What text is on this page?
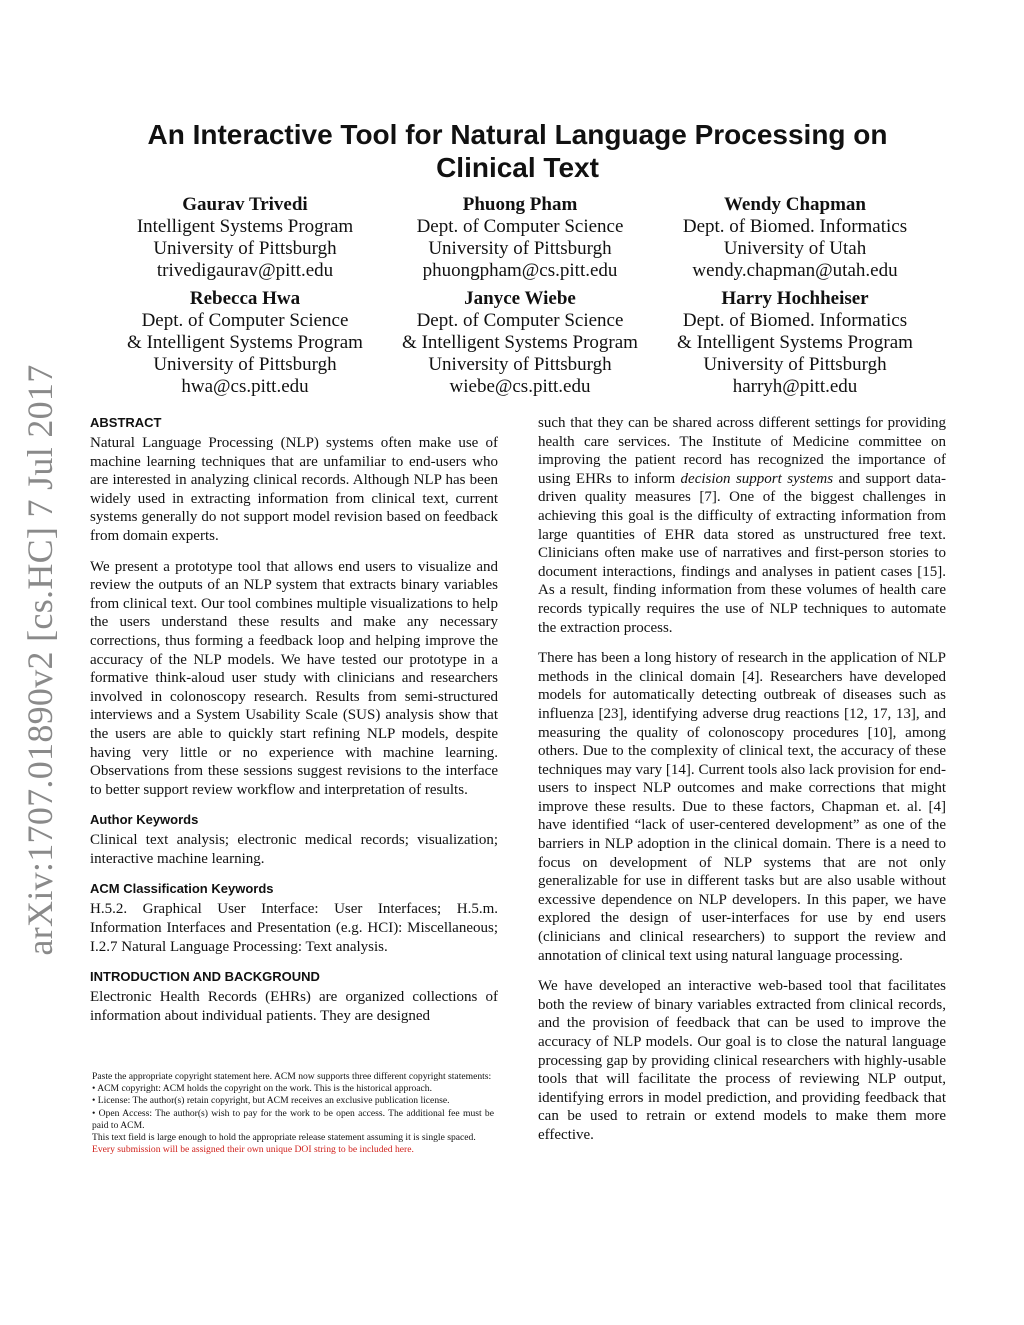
arXiv:1707.01890v2 [cs.HC] 7 Jul 2017
An Interactive Tool for Natural Language Processing on
Clinical Text
Gaurav Trivedi
Intelligent Systems Program
University of Pittsburgh
trivedigaurav@pitt.edu
Phuong Pham
Dept. of Computer Science
University of Pittsburgh
phuongpham@cs.pitt.edu
Wendy Chapman
Dept. of Biomed. Informatics
University of Utah
wendy.chapman@utah.edu
Rebecca Hwa
Dept. of Computer Science
& Intelligent Systems Program
University of Pittsburgh
hwa@cs.pitt.edu
Janyce Wiebe
Dept. of Computer Science
& Intelligent Systems Program
University of Pittsburgh
wiebe@cs.pitt.edu
Harry Hochheiser
Dept. of Biomed. Informatics
& Intelligent Systems Program
University of Pittsburgh
harryh@pitt.edu
ABSTRACT

Natural Language Processing (NLP) systems often make use of machine learning techniques that are unfamiliar to end-users who are interested in analyzing clinical records. Although NLP has been widely used in extracting information from clinical text, current systems generally do not support model revision based on feedback from domain experts.

We present a prototype tool that allows end users to visualize and review the outputs of an NLP system that extracts binary variables from clinical text. Our tool combines multiple visualizations to help the users understand these results and make any necessary corrections, thus forming a feedback loop and helping improve the accuracy of the NLP models. We have tested our prototype in a formative think-aloud user study with clinicians and researchers involved in colonoscopy research. Results from semi-structured interviews and a System Usability Scale (SUS) analysis show that the users are able to quickly start refining NLP models, despite having very little or no experience with machine learning. Observations from these sessions suggest revisions to the interface to better support review workflow and interpretation of results.

Author Keywords

Clinical text analysis; electronic medical records; visualization; interactive machine learning.

ACM Classification Keywords

H.5.2. Graphical User Interface: User Interfaces; H.5.m. Information Interfaces and Presentation (e.g. HCI): Miscellaneous; I.2.7 Natural Language Processing: Text analysis.

INTRODUCTION AND BACKGROUND

Electronic Health Records (EHRs) are organized collections of information about individual patients. They are designed

Paste the appropriate copyright statement here. ACM now supports three different copyright statements:
• ACM copyright: ACM holds the copyright on the work. This is the historical approach.
• License: The author(s) retain copyright, but ACM receives an exclusive publication license.
• Open Access: The author(s) wish to pay for the work to be open access. The additional fee must be paid to ACM.
This text field is large enough to hold the appropriate release statement assuming it is single spaced.
Every submission will be assigned their own unique DOI string to be included here.

such that they can be shared across different settings for providing health care services. The Institute of Medicine committee on improving the patient record has recognized the importance of using EHRs to inform decision support systems and support data-driven quality measures [7]. One of the biggest challenges in achieving this goal is the difficulty of extracting information from large quantities of EHR data stored as unstructured free text. Clinicians often make use of narratives and first-person stories to document interactions, findings and analyses in patient cases [15]. As a result, finding information from these volumes of health care records typically requires the use of NLP techniques to automate the extraction process.

There has been a long history of research in the application of NLP methods in the clinical domain [4]. Researchers have developed models for automatically detecting outbreak of diseases such as influenza [23], identifying adverse drug reactions [12, 17, 13], and measuring the quality of colonoscopy procedures [10], among others. Due to the complexity of clinical text, the accuracy of these techniques may vary [14]. Current tools also lack provision for end-users to inspect NLP outcomes and make corrections that might improve these results. Due to these factors, Chapman et. al. [4] have identified “lack of user-centered development” as one of the barriers in NLP adoption in the clinical domain. There is a need to focus on development of NLP systems that are not only generalizable for use in different tasks but are also usable without excessive dependence on NLP developers. In this paper, we have explored the design of user-interfaces for use by end users (clinicians and clinical researchers) to support the review and annotation of clinical text using natural language processing.

We have developed an interactive web-based tool that facilitates both the review of binary variables extracted from clinical records, and the provision of feedback that can be used to improve the accuracy of NLP models. Our goal is to close the natural language processing gap by providing clinical researchers with highly-usable tools that will facilitate the process of reviewing NLP output, identifying errors in model prediction, and providing feedback that can be used to retrain or extend models to make them more effective.
